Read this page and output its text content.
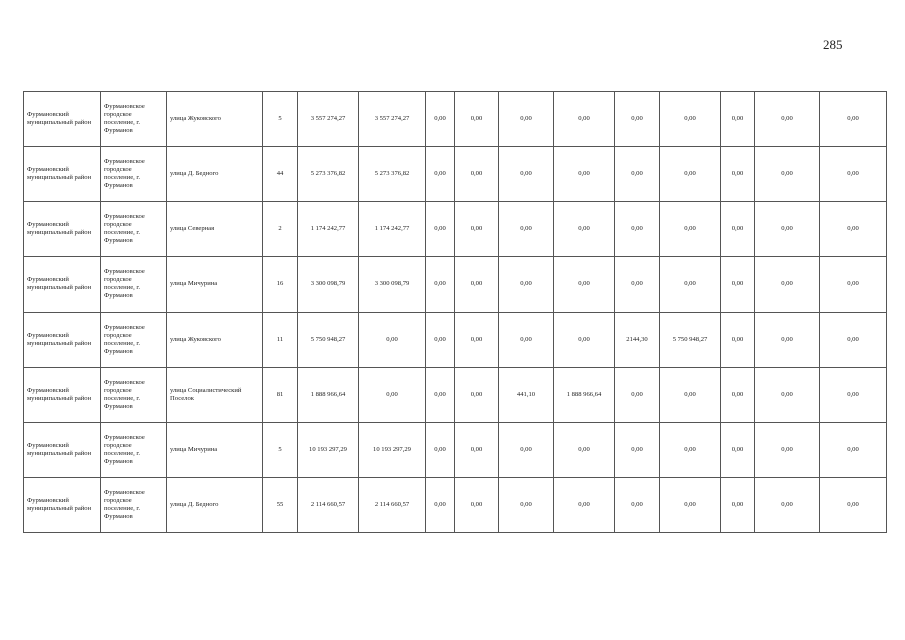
285
Фурмановский муниципальный район	Фурмановское городское поселение, г. Фурманов	улица Жуковского	5	3 557 274,27	3 557 274,27	0,00	0,00	0,00	0,00	0,00	0,00	0,00	0,00	0,00
Фурмановский муниципальный район	Фурмановское городское поселение, г. Фурманов	улица Д. Бедного	44	5 273 376,82	5 273 376,82	0,00	0,00	0,00	0,00	0,00	0,00	0,00	0,00	0,00
Фурмановский муниципальный район	Фурмановское городское поселение, г. Фурманов	улица Северная	2	1 174 242,77	1 174 242,77	0,00	0,00	0,00	0,00	0,00	0,00	0,00	0,00	0,00
Фурмановский муниципальный район	Фурмановское городское поселение, г. Фурманов	улица Мичурина	16	3 300 098,79	3 300 098,79	0,00	0,00	0,00	0,00	0,00	0,00	0,00	0,00	0,00
Фурмановский муниципальный район	Фурмановское городское поселение, г. Фурманов	улица Жуковского	11	5 750 948,27	0,00	0,00	0,00	0,00	0,00	2144,30	5 750 948,27	0,00	0,00	0,00
Фурмановский муниципальный район	Фурмановское городское поселение, г. Фурманов	улица Социалистический Поселок	81	1 888 966,64	0,00	0,00	0,00	441,10	1 888 966,64	0,00	0,00	0,00	0,00	0,00
Фурмановский муниципальный район	Фурмановское городское поселение, г. Фурманов	улица Мичурина	5	10 193 297,29	10 193 297,29	0,00	0,00	0,00	0,00	0,00	0,00	0,00	0,00	0,00
Фурмановский муниципальный район	Фурмановское городское поселение, г. Фурманов	улица Д. Бедного	55	2 114 660,57	2 114 660,57	0,00	0,00	0,00	0,00	0,00	0,00	0,00	0,00	0,00
